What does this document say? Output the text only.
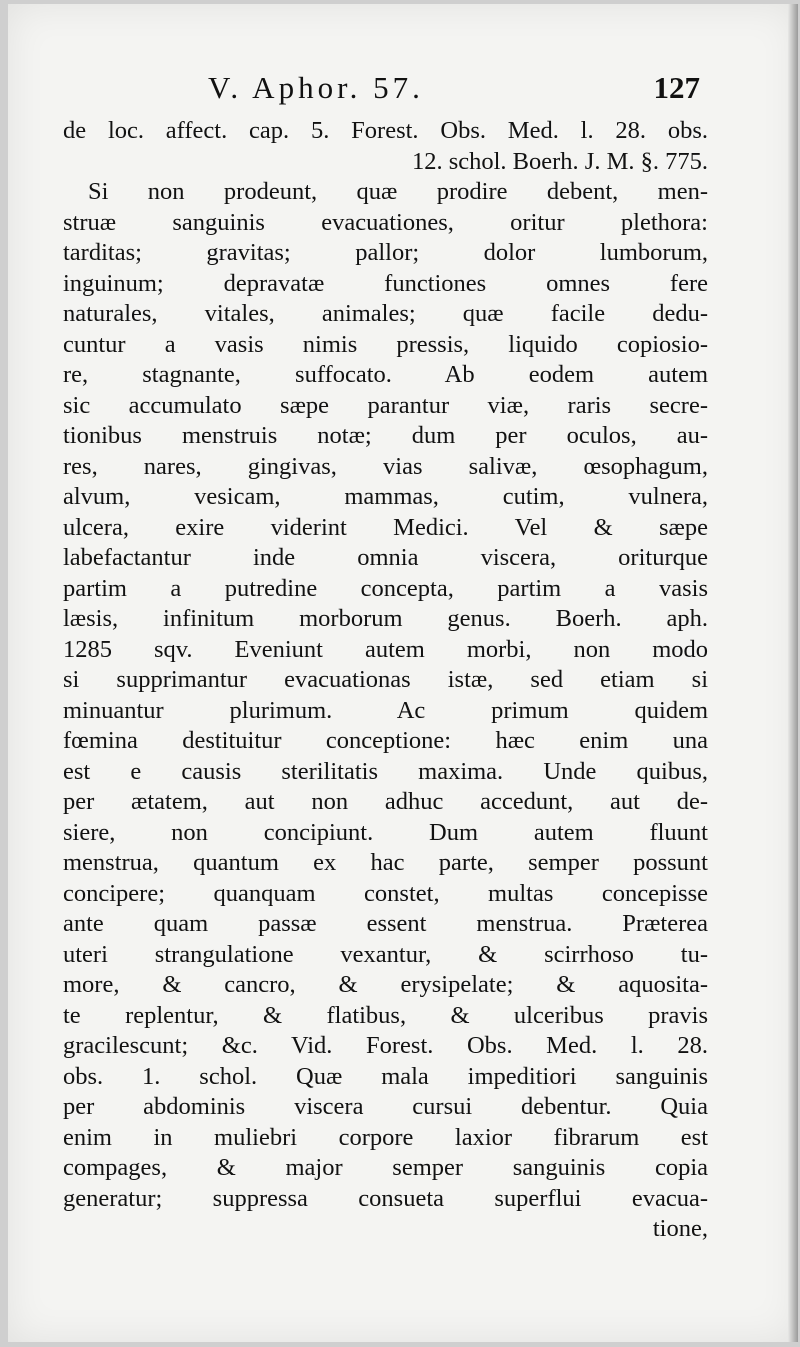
V. Aphor. 57.	127
de loc. affect. cap. 5. Forest. Obs. Med. l. 28. obs.
12. schol. Boerh. J. M. §. 775.
Si non prodeunt, quæ prodire debent, men-
struæ sanguinis evacuationes, oritur plethora:
tarditas; gravitas; pallor; dolor lumborum,
inguinum; depravatæ functiones omnes fere
naturales, vitales, animales; quæ facile dedu-
cuntur a vasis nimis pressis, liquido copiosio-
re, stagnante, suffocato. Ab eodem autem
sic accumulato sæpe parantur viæ, raris secre-
tionibus menstruis notæ; dum per oculos, au-
res, nares, gingivas, vias salivæ, œsophagum,
alvum, vesicam, mammas, cutim, vulnera,
ulcera, exire viderint Medici. Vel & sæpe
labefactantur inde omnia viscera, oriturque
partim a putredine concepta, partim a vasis
læsis, infinitum morborum genus. Boerh. aph.
1285 sqv. Eveniunt autem morbi, non modo
si supprimantur evacuationas istæ, sed etiam si
minuantur plurimum. Ac primum quidem
fœmina destituitur conceptione: hæc enim una
est e causis sterilitatis maxima. Unde quibus,
per ætatem, aut non adhuc accedunt, aut de-
siere, non concipiunt. Dum autem fluunt
menstrua, quantum ex hac parte, semper possunt
concipere; quanquam constet, multas concepisse
ante quam passæ essent menstrua. Præterea
uteri strangulatione vexantur, & scirrhoso tu-
more, & cancro, & erysipelate; & aquosita-
te replentur, & flatibus, & ulceribus pravis
gracilescunt; &c. Vid. Forest. Obs. Med. l. 28.
obs. 1. schol. Quæ mala impeditiori sanguinis
per abdominis viscera cursui debentur. Quia
enim in muliebri corpore laxior fibrarum est
compages, & major semper sanguinis copia
generatur; suppressa consueta superflui evacua-
tione,
